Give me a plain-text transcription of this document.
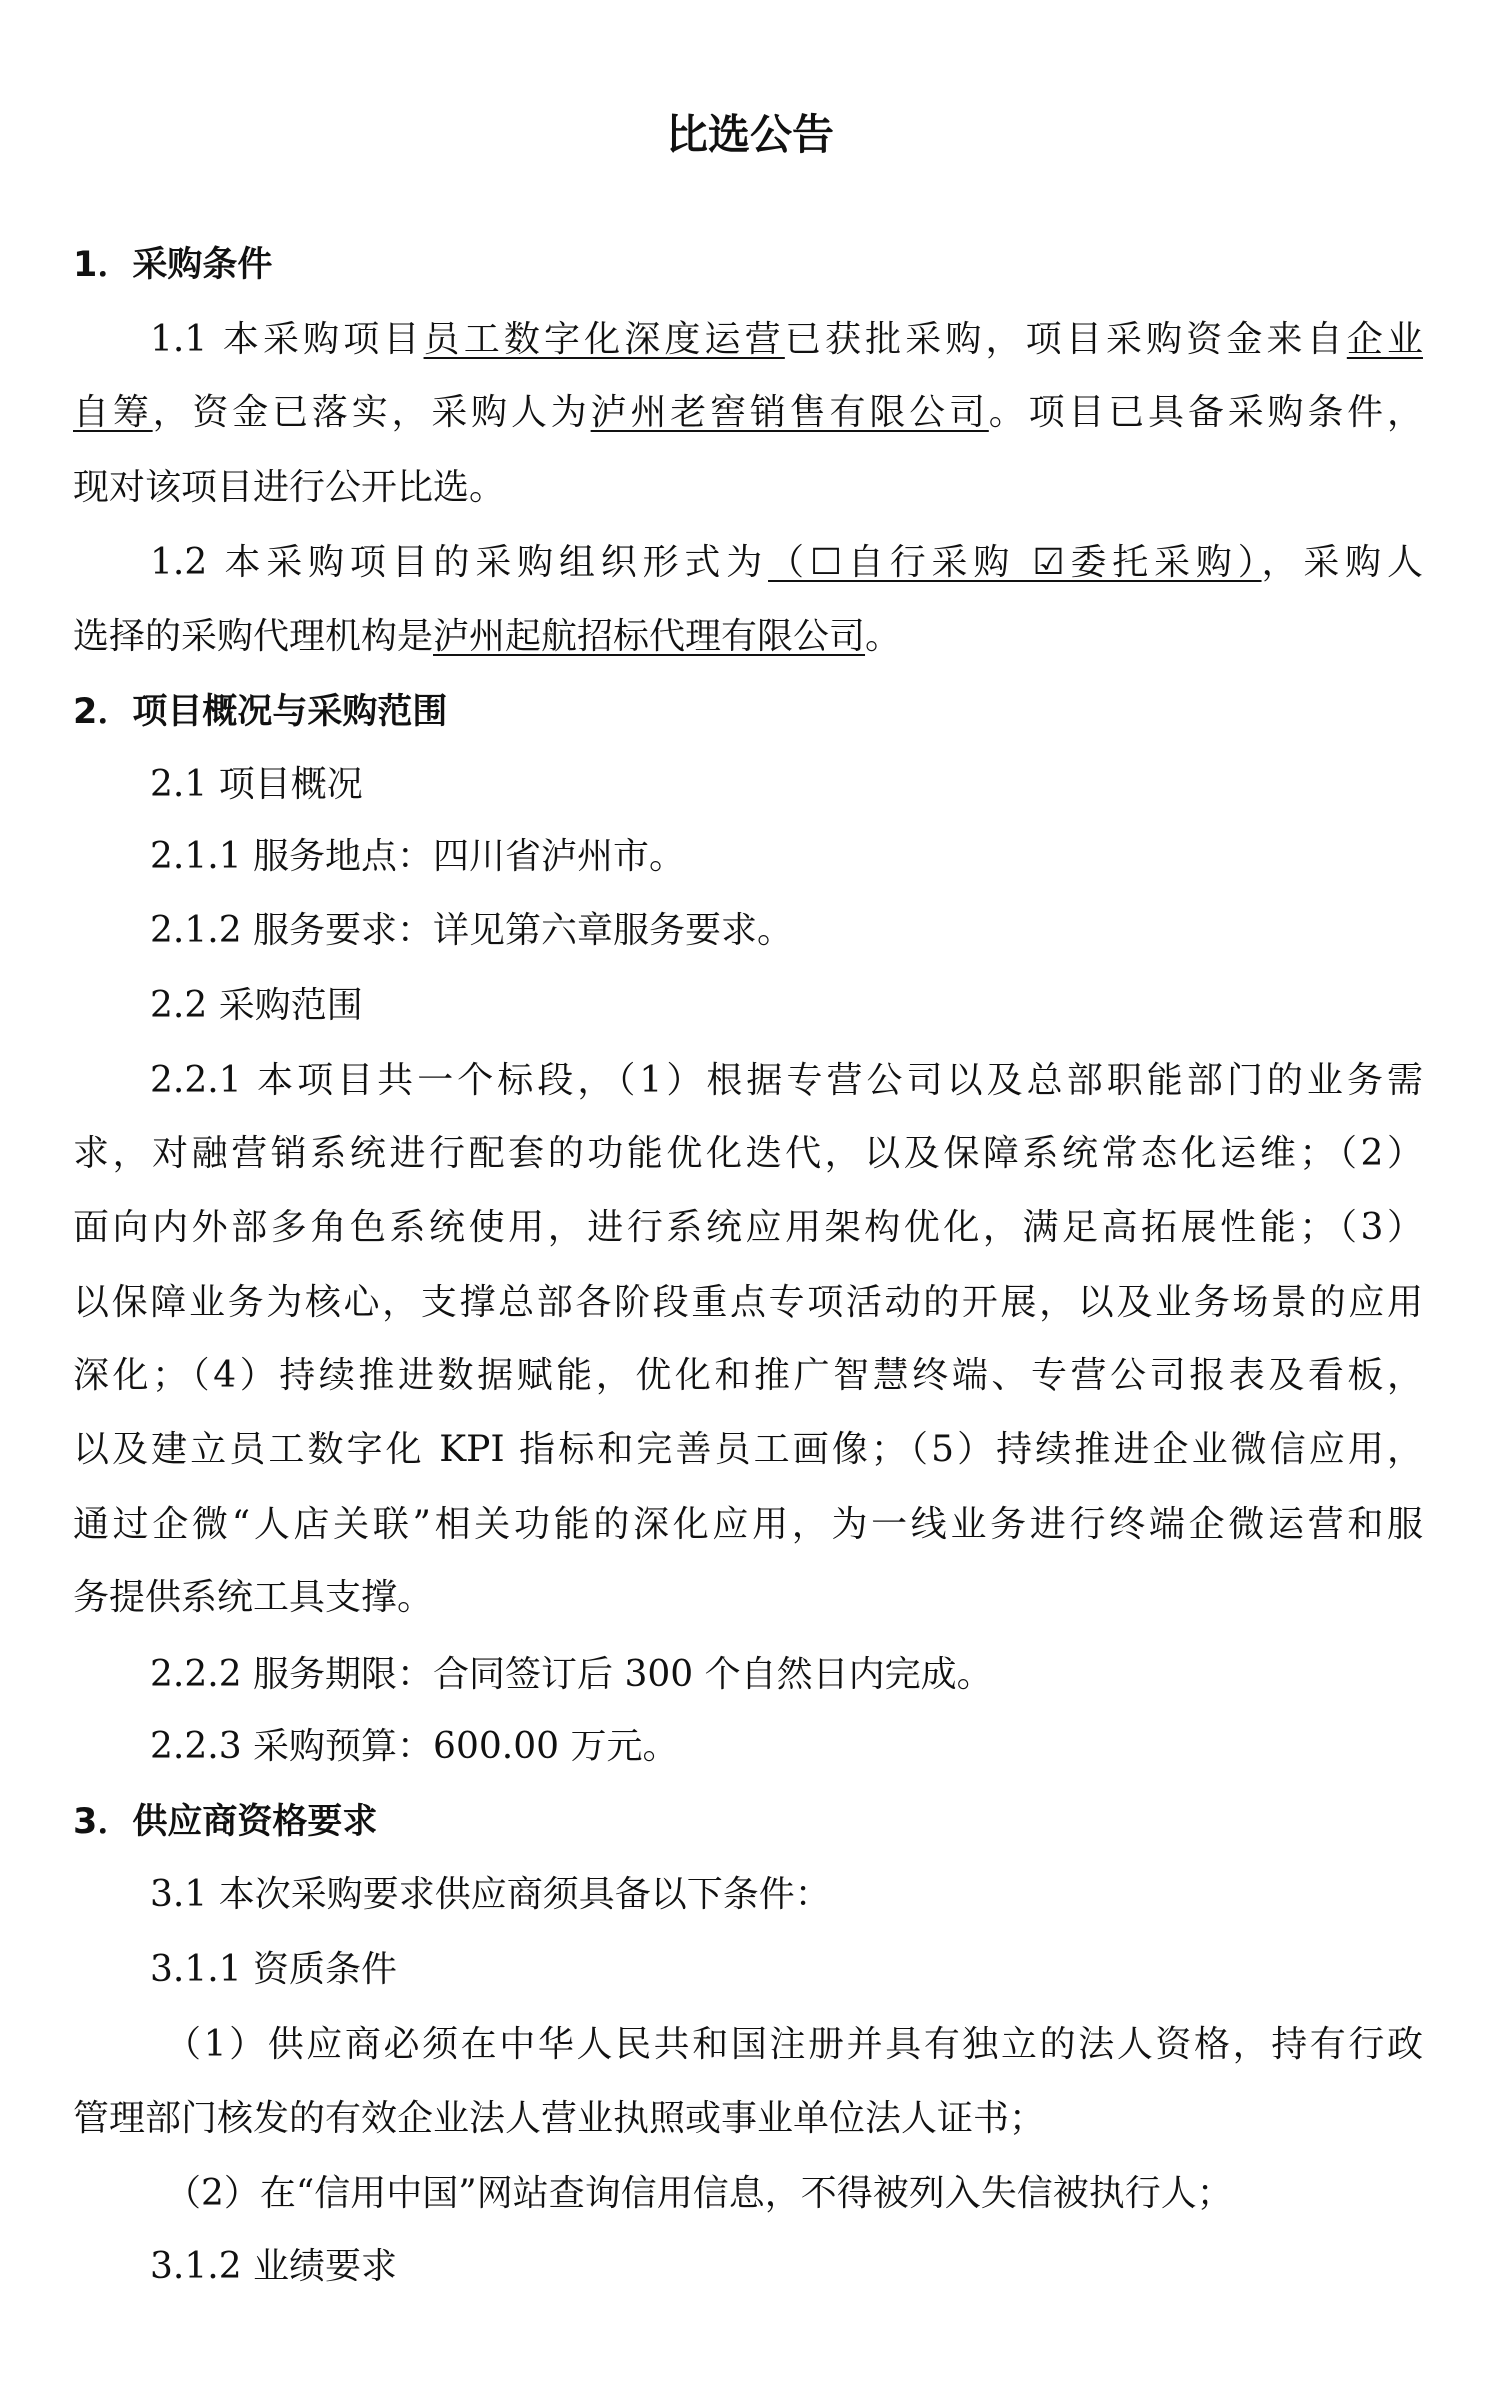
比选公告
1．采购条件
1.1 本采购项目员工数字化深度运营已获批采购，项目采购资金来自企业
自筹，资金已落实，采购人为泸州老窖销售有限公司。项目已具备采购条件，
现对该项目进行公开比选。
1.2 本采购项目的采购组织形式为（☐自行采购 ☑委托采购），采购人
选择的采购代理机构是泸州起航招标代理有限公司。
2．项目概况与采购范围
2.1 项目概况
2.1.1 服务地点：四川省泸州市。
2.1.2 服务要求：详见第六章服务要求。
2.2 采购范围
2.2.1 本项目共一个标段，（1）根据专营公司以及总部职能部门的业务需
求，对融营销系统进行配套的功能优化迭代，以及保障系统常态化运维；（2）
面向内外部多角色系统使用，进行系统应用架构优化，满足高拓展性能；（3）
以保障业务为核心，支撑总部各阶段重点专项活动的开展，以及业务场景的应用
深化；（4）持续推进数据赋能，优化和推广智慧终端、专营公司报表及看板，
以及建立员工数字化 KPI 指标和完善员工画像；（5）持续推进企业微信应用，
通过企微“人店关联”相关功能的深化应用，为一线业务进行终端企微运营和服
务提供系统工具支撑。
2.2.2 服务期限：合同签订后 300 个自然日内完成。
2.2.3 采购预算：600.00 万元。
3．供应商资格要求
3.1 本次采购要求供应商须具备以下条件：
3.1.1 资质条件
（1）供应商必须在中华人民共和国注册并具有独立的法人资格，持有行政
管理部门核发的有效企业法人营业执照或事业单位法人证书；
（2）在“信用中国”网站查询信用信息，不得被列入失信被执行人；
3.1.2 业绩要求
